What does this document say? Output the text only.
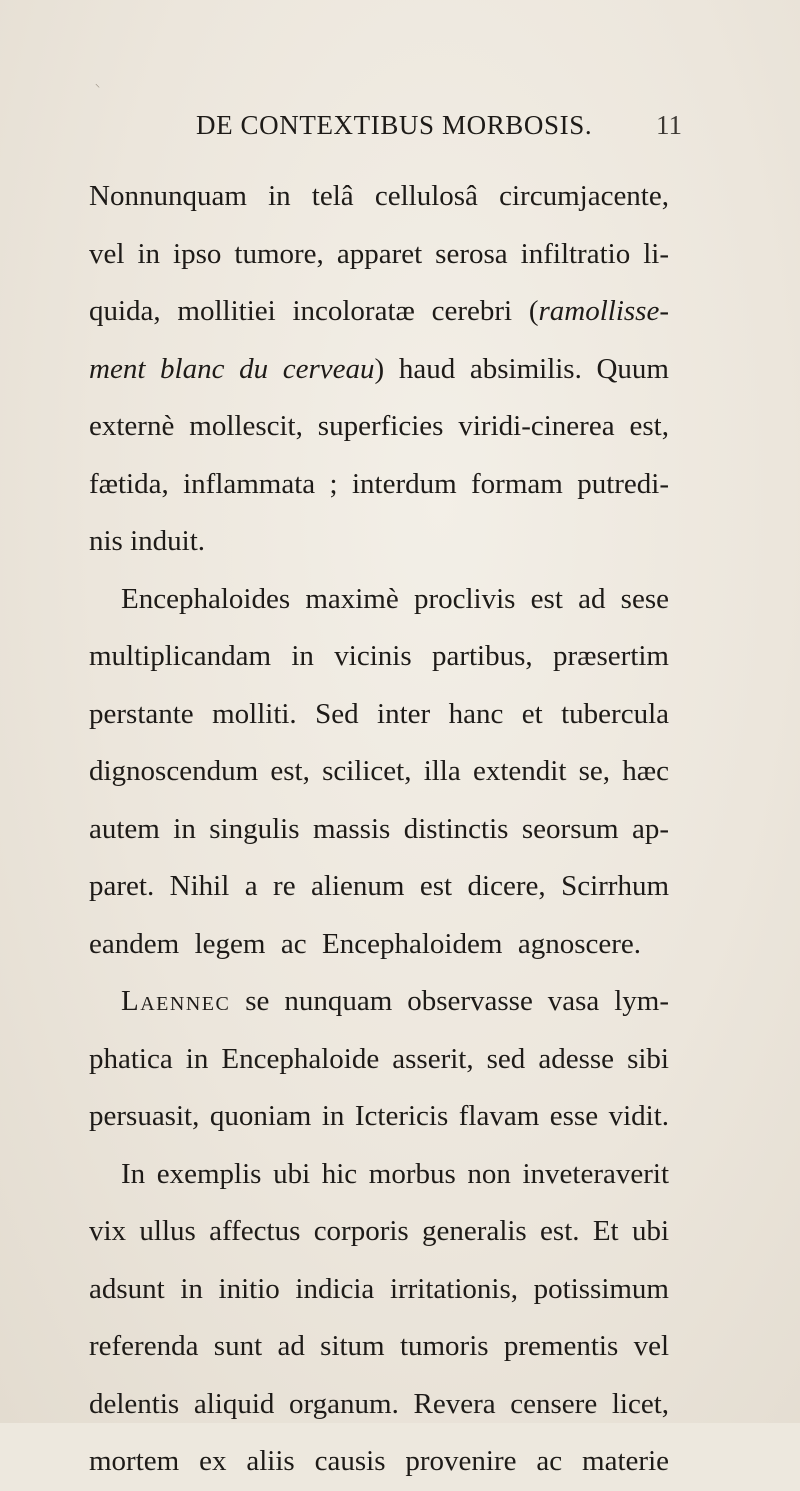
⸌
DE CONTEXTIBUS MORBOSIS. 11
Nonnunquam in telâ cellulosâ circumjacente,
vel in ipso tumore, apparet serosa infiltratio li-
quida, mollitiei incoloratæ cerebri (ramollisse-
ment blanc du cerveau) haud absimilis. Quum
externè mollescit, superficies viridi-cinerea est,
fætida, inflammata ; interdum formam putredi-
nis induit.
Encephaloides maximè proclivis est ad sese
multiplicandam in vicinis partibus, præsertim
perstante molliti. Sed inter hanc et tubercula
dignoscendum est, scilicet, illa extendit se, hæc
autem in singulis massis distinctis seorsum ap-
paret. Nihil a re alienum est dicere, Scirrhum
eandem legem ac Encephaloidem agnoscere.
Laennec se nunquam observasse vasa lym-
phatica in Encephaloide asserit, sed adesse sibi
persuasit, quoniam in Ictericis flavam esse vidit.
In exemplis ubi hic morbus non inveteraverit
vix ullus affectus corporis generalis est. Et ubi
adsunt in initio indicia irritationis, potissimum
referenda sunt ad situm tumoris prementis vel
delentis aliquid organum. Revera censere licet,
mortem ex aliis causis provenire ac materie
